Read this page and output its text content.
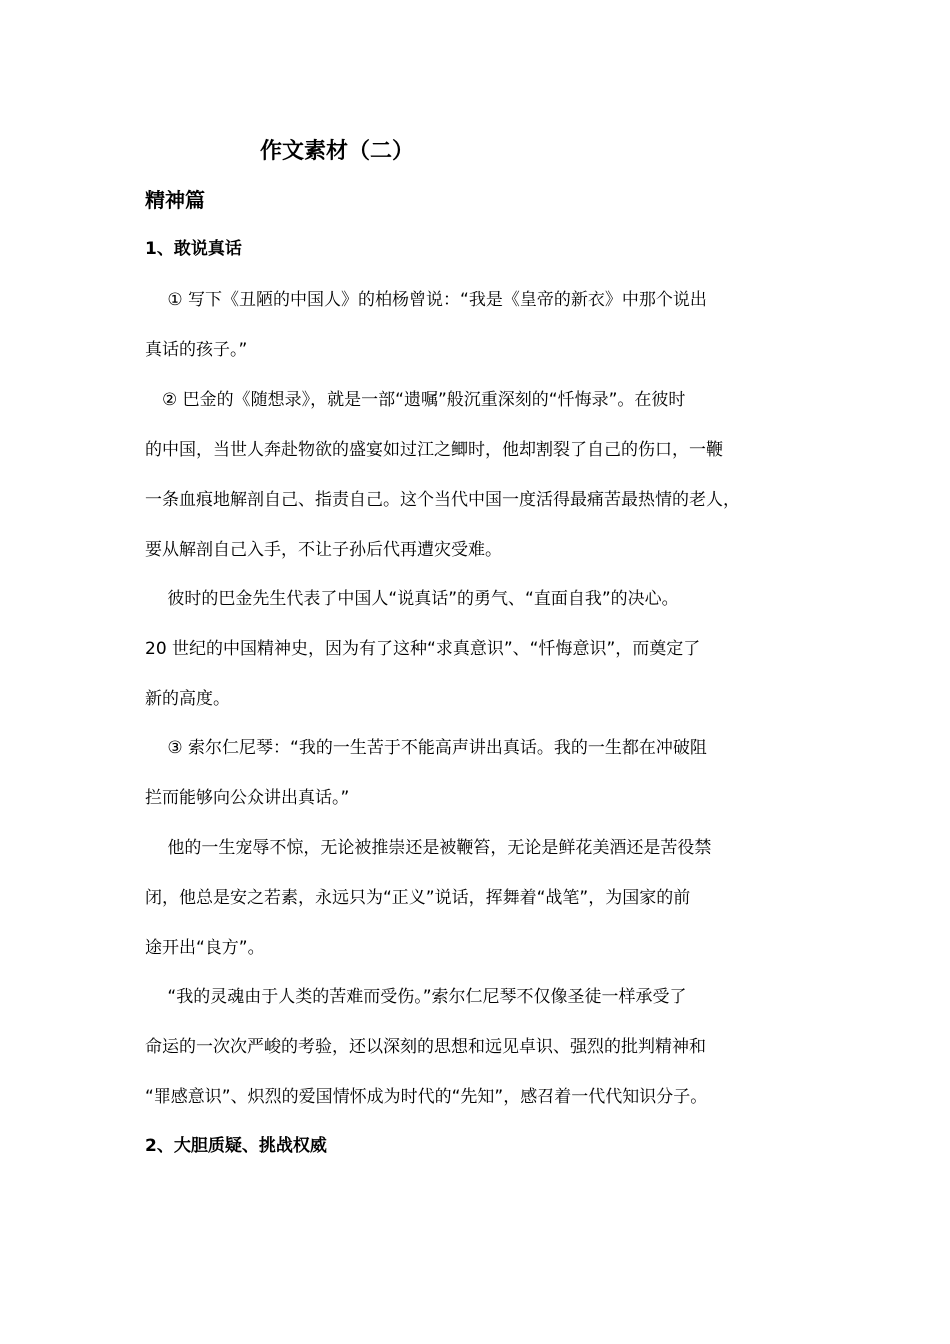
作文素材（二）
精神篇
1、敢说真话
　 ① 写下《丑陋的中国人》的柏杨曾说：“我是《皇帝的新衣》中那个说出
真话的孩子。”
　② 巴金的《随想录》，就是一部“遗嘱”般沉重深刻的“忏悔录”。在彼时
的中国，当世人奔赴物欲的盛宴如过江之鲫时，他却割裂了自己的伤口，一鞭
一条血痕地解剖自己、指责自己。这个当代中国一度活得最痛苦最热情的老人，
要从解剖自己入手，不让子孙后代再遭灾受难。
　 彼时的巴金先生代表了中国人“说真话”的勇气、“直面自我”的决心。
20 世纪的中国精神史，因为有了这种“求真意识”、“忏悔意识”，而奠定了
新的高度。
　 ③ 索尔仁尼琴：“我的一生苦于不能高声讲出真话。我的一生都在冲破阻
拦而能够向公众讲出真话。”
　 他的一生宠辱不惊，无论被推崇还是被鞭笞，无论是鲜花美酒还是苦役禁
闭，他总是安之若素，永远只为“正义”说话，挥舞着“战笔”，为国家的前
途开出“良方”。
　 “我的灵魂由于人类的苦难而受伤。”索尔仁尼琴不仅像圣徒一样承受了
命运的一次次严峻的考验，还以深刻的思想和远见卓识、强烈的批判精神和
“罪感意识”、炽烈的爱国情怀成为时代的“先知”，感召着一代代知识分子。
2、大胆质疑、挑战权威
